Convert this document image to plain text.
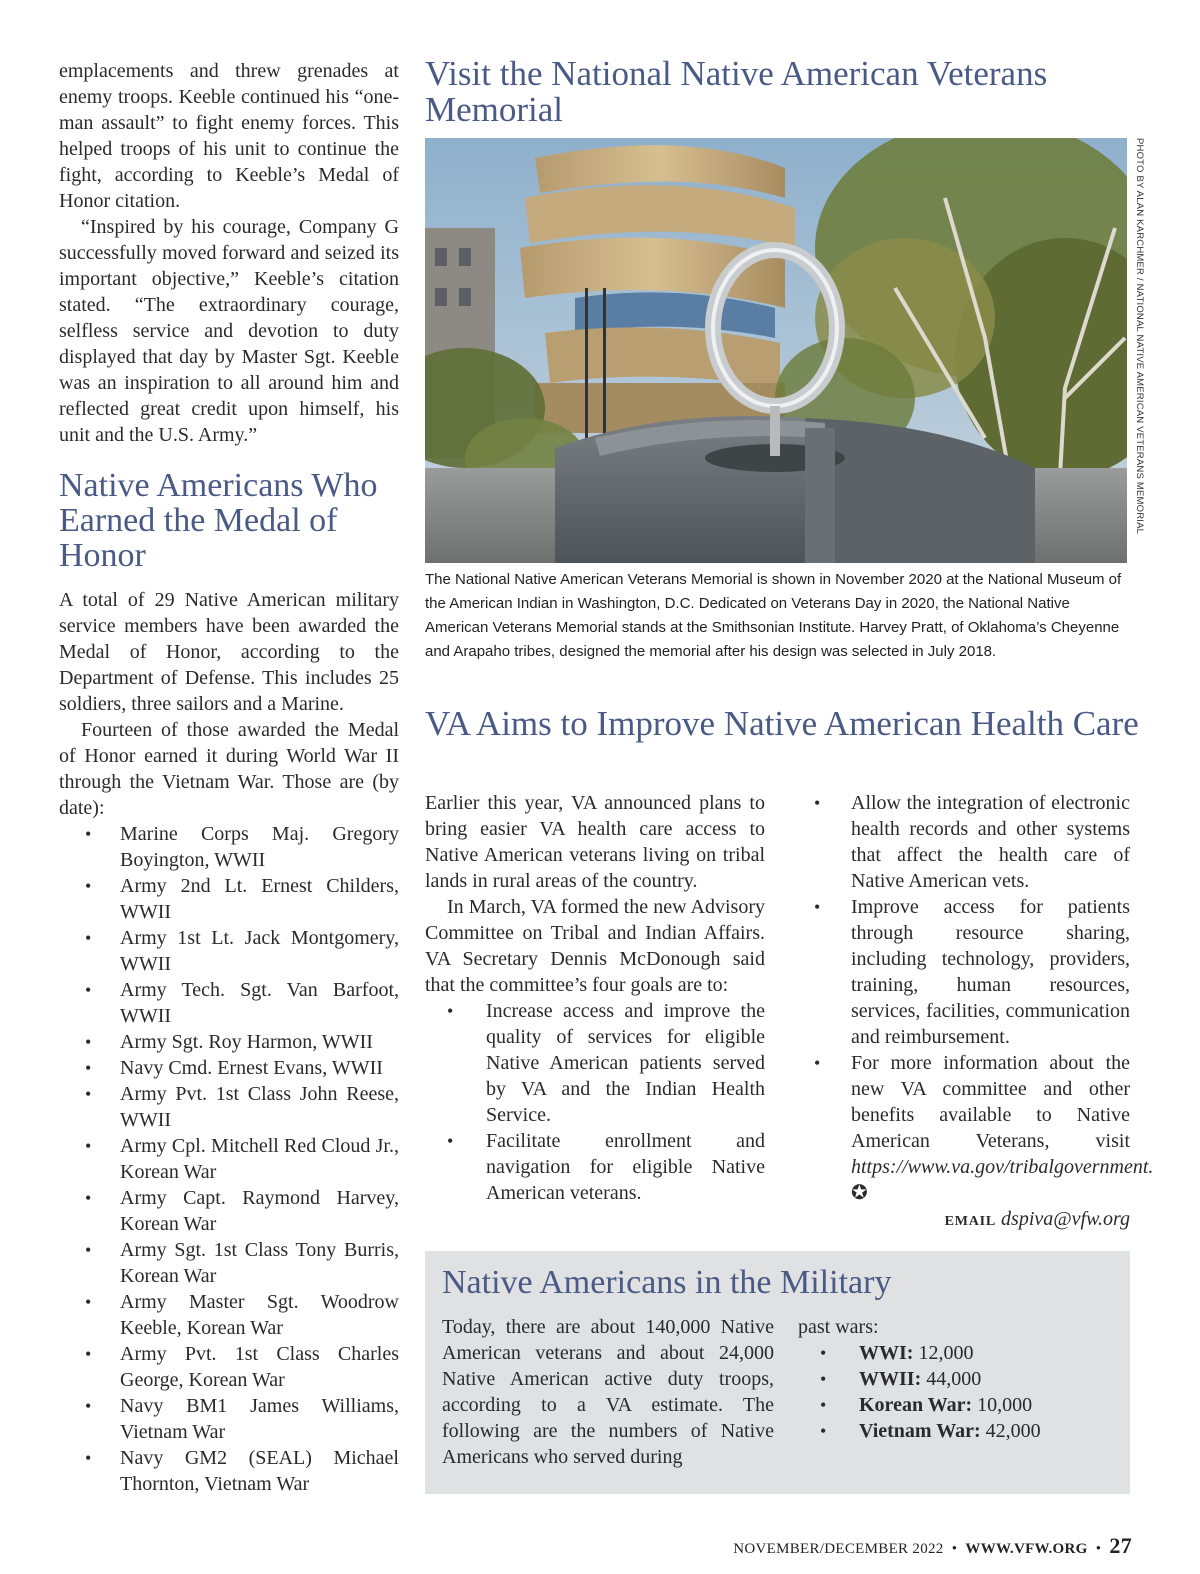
emplacements and threw grenades at enemy troops. Keeble continued his “one-man assault” to fight enemy forces. This helped troops of his unit to continue the fight, according to Keeble’s Medal of Honor citation.

“Inspired by his courage, Company G successfully moved forward and seized its important objective,” Keeble’s citation stated. “The extraordinary courage, selfless service and devotion to duty displayed that day by Master Sgt. Keeble was an inspiration to all around him and reflected great credit upon himself, his unit and the U.S. Army.”

Native Americans Who Earned the Medal of Honor

A total of 29 Native American military service members have been awarded the Medal of Honor, according to the Department of Defense. This includes 25 soldiers, three sailors and a Marine.

Fourteen of those awarded the Medal of Honor earned it during World War II through the Vietnam War. Those are (by date):

• Marine Corps Maj. Gregory Boyington, WWII
• Army 2nd Lt. Ernest Childers, WWII
• Army 1st Lt. Jack Montgomery, WWII
• Army Tech. Sgt. Van Barfoot, WWII
• Army Sgt. Roy Harmon, WWII
• Navy Cmd. Ernest Evans, WWII
• Army Pvt. 1st Class John Reese, WWII
• Army Cpl. Mitchell Red Cloud Jr., Korean War
• Army Capt. Raymond Harvey, Korean War
• Army Sgt. 1st Class Tony Burris, Korean War
• Army Master Sgt. Woodrow Keeble, Korean War
• Army Pvt. 1st Class Charles George, Korean War
• Navy BM1 James Williams, Vietnam War
• Navy GM2 (SEAL) Michael Thornton, Vietnam War
Visit the National Native American Veterans Memorial
PHOTO BY ALAN KARCHMER / NATIONAL NATIVE AMERICAN VETERANS MEMORIAL

The National Native American Veterans Memorial is shown in November 2020 at the National Museum of the American Indian in Washington, D.C. Dedicated on Veterans Day in 2020, the National Native American Veterans Memorial stands at the Smithsonian Institute. Harvey Pratt, of Oklahoma’s Cheyenne and Arapaho tribes, designed the memorial after his design was selected in July 2018.

VA Aims to Improve Native American Health Care

Earlier this year, VA announced plans to bring easier VA health care access to Native American veterans living on tribal lands in rural areas of the country.

In March, VA formed the new Advisory Committee on Tribal and Indian Affairs. VA Secretary Dennis McDonough said that the committee’s four goals are to:

• Increase access and improve the quality of services for eligible Native American patients served by VA and the Indian Health Service.
• Facilitate enrollment and navigation for eligible Native American veterans.
• Allow the integration of electronic health records and other systems that affect the health care of Native American vets.
• Improve access for patients through resource sharing, including technology, providers, training, human resources, services, facilities, communication and reimbursement.
• For more information about the new VA committee and other benefits available to Native American Veterans, visit https://www.va.gov/tribalgovernment. ✪

EMAIL dspiva@vfw.org

Native Americans in the Military

Today, there are about 140,000 Native American veterans and about 24,000 Native American active duty troops, according to a VA estimate. The following are the numbers of Native Americans who served during

past wars:

• WWI: 12,000
• WWII: 44,000
• Korean War: 10,000
• Vietnam War: 42,000
NOVEMBER/DECEMBER 2022 • WWW.VFW.ORG • 27
